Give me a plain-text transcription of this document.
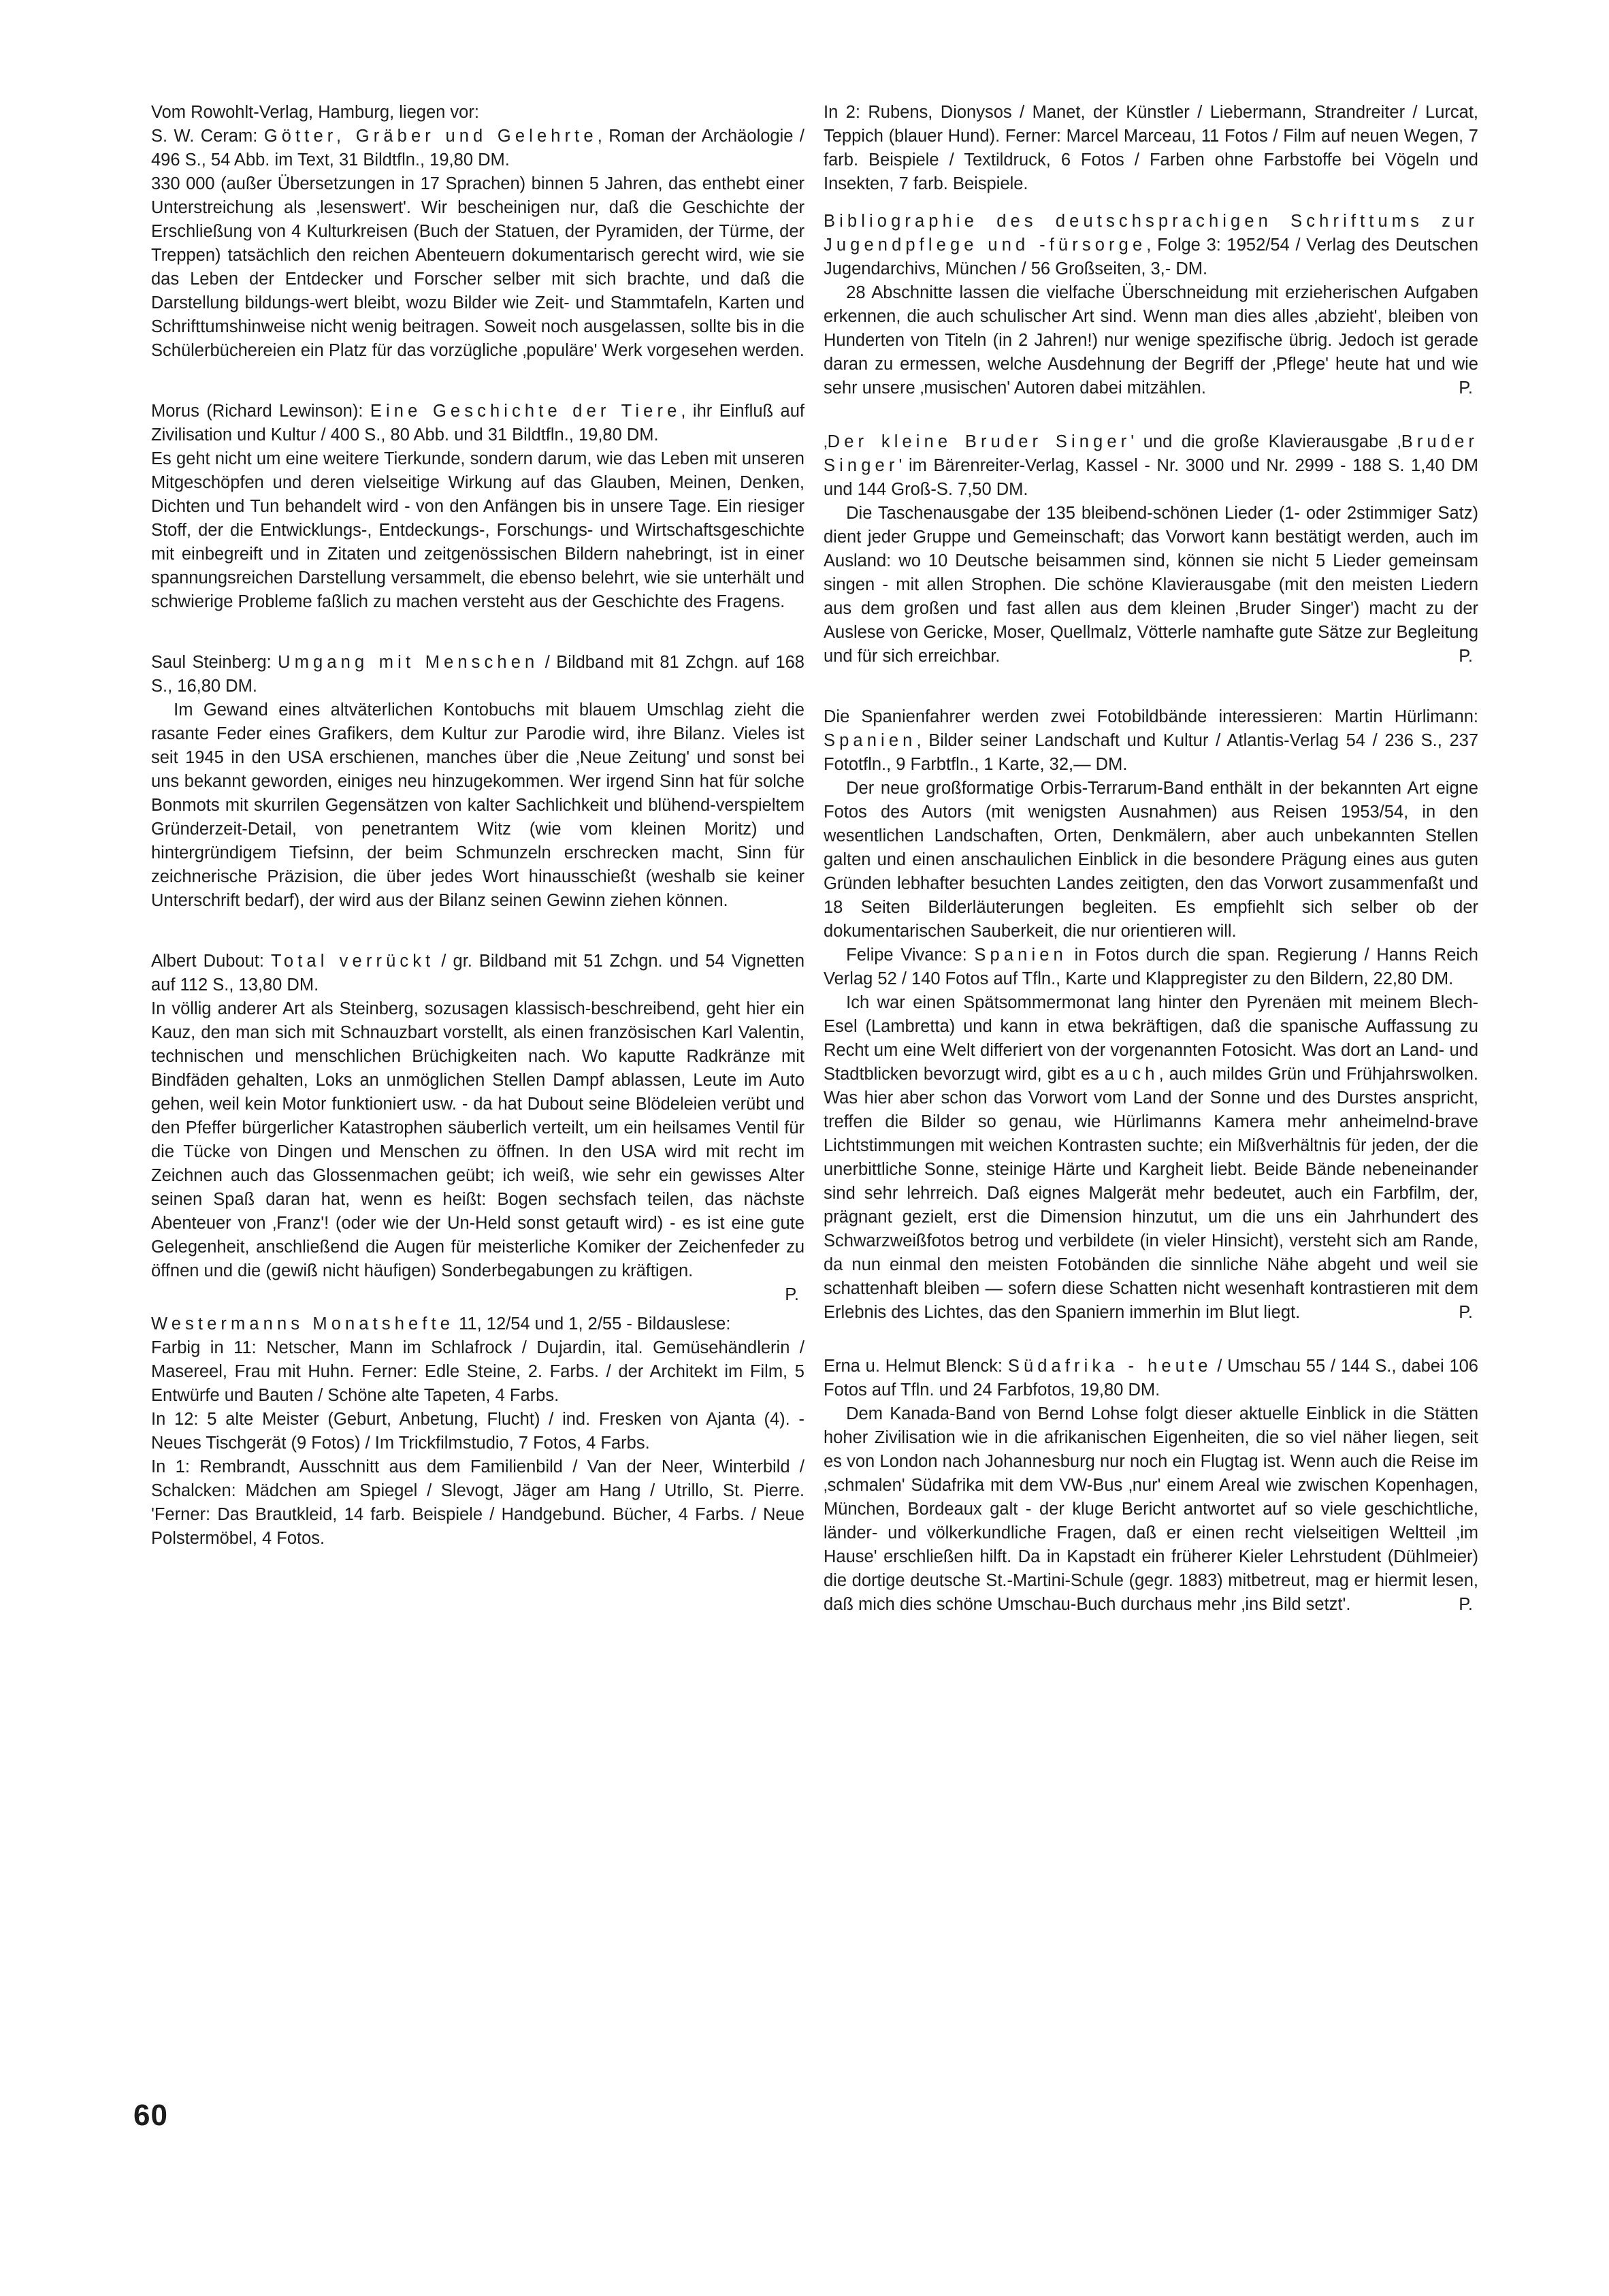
Vom Rowohlt-Verlag, Hamburg, liegen vor:

S. W. Ceram: Götter, Gräber und Gelehrte, Roman der Archäologie / 496 S., 54 Abb. im Text, 31 Bildtfln., 19,80 DM.

330 000 (außer Übersetzungen in 17 Sprachen) binnen 5 Jahren, das enthebt einer Unterstreichung als ‚lesenswert'. Wir bescheinigen nur, daß die Geschichte der Erschließung von 4 Kulturkreisen (Buch der Statuen, der Pyramiden, der Türme, der Treppen) tatsächlich den reichen Abenteuern dokumentarisch gerecht wird, wie sie das Leben der Entdecker und Forscher selber mit sich brachte, und daß die Darstellung bildungs-wert bleibt, wozu Bilder wie Zeit- und Stammtafeln, Karten und Schrifttumshinweise nicht wenig beitragen. Soweit noch ausgelassen, sollte bis in die Schülerbüchereien ein Platz für das vorzügliche ‚populäre' Werk vorgesehen werden.

Morus (Richard Lewinson): Eine Geschichte der Tiere, ihr Einfluß auf Zivilisation und Kultur / 400 S., 80 Abb. und 31 Bildtfln., 19,80 DM.

Es geht nicht um eine weitere Tierkunde, sondern darum, wie das Leben mit unseren Mitgeschöpfen und deren vielseitige Wirkung auf das Glauben, Meinen, Denken, Dichten und Tun behandelt wird - von den Anfängen bis in unsere Tage. Ein riesiger Stoff, der die Entwicklungs-, Entdeckungs-, Forschungs- und Wirtschaftsgeschichte mit einbegreift und in Zitaten und zeitgenössischen Bildern nahebringt, ist in einer spannungsreichen Darstellung versammelt, die ebenso belehrt, wie sie unterhält und schwierige Probleme faßlich zu machen versteht aus der Geschichte des Fragens.

Saul Steinberg: Umgang mit Menschen / Bildband mit 81 Zchgn. auf 168 S., 16,80 DM.

Im Gewand eines altväterlichen Kontobuchs mit blauem Umschlag zieht die rasante Feder eines Grafikers, dem Kultur zur Parodie wird, ihre Bilanz. Vieles ist seit 1945 in den USA erschienen, manches über die ‚Neue Zeitung' und sonst bei uns bekannt geworden, einiges neu hinzugekommen. Wer irgend Sinn hat für solche Bonmots mit skurrilen Gegensätzen von kalter Sachlichkeit und blühend-verspieltem Gründerzeit-Detail, von penetrantem Witz (wie vom kleinen Moritz) und hintergründigem Tiefsinn, der beim Schmunzeln erschrecken macht, Sinn für zeichnerische Präzision, die über jedes Wort hinausschießt (weshalb sie keiner Unterschrift bedarf), der wird aus der Bilanz seinen Gewinn ziehen können.

Albert Dubout: Total verrückt / gr. Bildband mit 51 Zchgn. und 54 Vignetten auf 112 S., 13,80 DM.

In völlig anderer Art als Steinberg, sozusagen klassisch-beschreibend, geht hier ein Kauz, den man sich mit Schnauzbart vorstellt, als einen französischen Karl Valentin, technischen und menschlichen Brüchigkeiten nach. Wo kaputte Radkränze mit Bindfäden gehalten, Loks an unmöglichen Stellen Dampf ablassen, Leute im Auto gehen, weil kein Motor funktioniert usw. - da hat Dubout seine Blödeleien verübt und den Pfeffer bürgerlicher Katastrophen säuberlich verteilt, um ein heilsames Ventil für die Tücke von Dingen und Menschen zu öffnen. In den USA wird mit recht im Zeichnen auch das Glossenmachen geübt; ich weiß, wie sehr ein gewisses Alter seinen Spaß daran hat, wenn es heißt: Bogen sechsfach teilen, das nächste Abenteuer von ‚Franz'! (oder wie der Un-Held sonst getauft wird) - es ist eine gute Gelegenheit, anschließend die Augen für meisterliche Komiker der Zeichenfeder zu öffnen und die (gewiß nicht häufigen) Sonderbegabungen zu kräftigen.

P.

Westermanns Monatshefte 11, 12/54 und 1, 2/55 - Bildauslese:

Farbig in 11: Netscher, Mann im Schlafrock / Dujardin, ital. Gemüsehändlerin / Masereel, Frau mit Huhn. Ferner: Edle Steine, 2. Farbs. / der Architekt im Film, 5 Entwürfe und Bauten / Schöne alte Tapeten, 4 Farbs.

In 12: 5 alte Meister (Geburt, Anbetung, Flucht) / ind. Fresken von Ajanta (4). - Neues Tischgerät (9 Fotos) / Im Trickfilmstudio, 7 Fotos, 4 Farbs.

In 1: Rembrandt, Ausschnitt aus dem Familienbild / Van der Neer, Winterbild / Schalcken: Mädchen am Spiegel / Slevogt, Jäger am Hang / Utrillo, St. Pierre. 'Ferner: Das Brautkleid, 14 farb. Beispiele / Handgebund. Bücher, 4 Farbs. / Neue Polstermöbel, 4 Fotos.

In 2: Rubens, Dionysos / Manet, der Künstler / Liebermann, Strandreiter / Lurcat, Teppich (blauer Hund). Ferner: Marcel Marceau, 11 Fotos / Film auf neuen Wegen, 7 farb. Beispiele / Textildruck, 6 Fotos / Farben ohne Farbstoffe bei Vögeln und Insekten, 7 farb. Beispiele.

Bibliographie des deutschsprachigen Schrifttums zur Jugendpflege und -fürsorge, Folge 3: 1952/54 / Verlag des Deutschen Jugendarchivs, München / 56 Großseiten, 3,- DM.

28 Abschnitte lassen die vielfache Überschneidung mit erzieherischen Aufgaben erkennen, die auch schulischer Art sind. Wenn man dies alles ‚abzieht', bleiben von Hunderten von Titeln (in 2 Jahren!) nur wenige spezifische übrig. Jedoch ist gerade daran zu ermessen, welche Ausdehnung der Begriff der ‚Pflege' heute hat und wie sehr unsere ‚musischen' Autoren dabei mitzählen.	P.

‚Der kleine Bruder Singer' und die große Klavierausgabe ‚Bruder Singer' im Bärenreiter-Verlag, Kassel - Nr. 3000 und Nr. 2999 - 188 S. 1,40 DM und 144 Groß-S. 7,50 DM.

Die Taschenausgabe der 135 bleibend-schönen Lieder (1- oder 2stimmiger Satz) dient jeder Gruppe und Gemeinschaft; das Vorwort kann bestätigt werden, auch im Ausland: wo 10 Deutsche beisammen sind, können sie nicht 5 Lieder gemeinsam singen - mit allen Strophen. Die schöne Klavierausgabe (mit den meisten Liedern aus dem großen und fast allen aus dem kleinen ‚Bruder Singer') macht zu der Auslese von Gericke, Moser, Quellmalz, Vötterle namhafte gute Sätze zur Begleitung und für sich erreichbar.	P.

Die Spanienfahrer werden zwei Fotobildbände interessieren: Martin Hürlimann: Spanien, Bilder seiner Landschaft und Kultur / Atlantis-Verlag 54 / 236 S., 237 Fototfln., 9 Farbtfln., 1 Karte, 32,— DM.

Der neue großformatige Orbis-Terrarum-Band enthält in der bekannten Art eigne Fotos des Autors (mit wenigsten Ausnahmen) aus Reisen 1953/54, in den wesentlichen Landschaften, Orten, Denkmälern, aber auch unbekannten Stellen galten und einen anschaulichen Einblick in die besondere Prägung eines aus guten Gründen lebhafter besuchten Landes zeitigten, den das Vorwort zusammenfaßt und 18 Seiten Bilderläuterungen begleiten. Es empfiehlt sich selber ob der dokumentarischen Sauberkeit, die nur orientieren will.

Felipe Vivance: Spanien in Fotos durch die span. Regierung / Hanns Reich Verlag 52 / 140 Fotos auf Tfln., Karte und Klappregister zu den Bildern, 22,80 DM.

Ich war einen Spätsommermonat lang hinter den Pyrenäen mit meinem Blech-Esel (Lambretta) und kann in etwa bekräftigen, daß die spanische Auffassung zu Recht um eine Welt differiert von der vorgenannten Fotosicht. Was dort an Land- und Stadtblicken bevorzugt wird, gibt es auch, auch mildes Grün und Frühjahrswolken. Was hier aber schon das Vorwort vom Land der Sonne und des Durstes anspricht, treffen die Bilder so genau, wie Hürlimanns Kamera mehr anheimelnd-brave Lichtstimmungen mit weichen Kontrasten suchte; ein Mißverhältnis für jeden, der die unerbittliche Sonne, steinige Härte und Kargheit liebt. Beide Bände nebeneinander sind sehr lehrreich. Daß eignes Malgerät mehr bedeutet, auch ein Farbfilm, der, prägnant gezielt, erst die Dimension hinzutut, um die uns ein Jahrhundert des Schwarzweißfotos betrog und verbildete (in vieler Hinsicht), versteht sich am Rande, da nun einmal den meisten Fotobänden die sinnliche Nähe abgeht und weil sie schattenhaft bleiben — sofern diese Schatten nicht wesenhaft kontrastieren mit dem Erlebnis des Lichtes, das den Spaniern immerhin im Blut liegt.	P.

Erna u. Helmut Blenck: Südafrika - heute / Umschau 55 / 144 S., dabei 106 Fotos auf Tfln. und 24 Farbfotos, 19,80 DM.

Dem Kanada-Band von Bernd Lohse folgt dieser aktuelle Einblick in die Stätten hoher Zivilisation wie in die afrikanischen Eigenheiten, die so viel näher liegen, seit es von London nach Johannesburg nur noch ein Flugtag ist. Wenn auch die Reise im ‚schmalen' Südafrika mit dem VW-Bus ‚nur' einem Areal wie zwischen Kopenhagen, München, Bordeaux galt - der kluge Bericht antwortet auf so viele geschichtliche, länder- und völkerkundliche Fragen, daß er einen recht vielseitigen Weltteil ‚im Hause' erschließen hilft. Da in Kapstadt ein früherer Kieler Lehrstudent (Dühlmeier) die dortige deutsche St.-Martini-Schule (gegr. 1883) mitbetreut, mag er hiermit lesen, daß mich dies schöne Umschau-Buch durchaus mehr ‚ins Bild setzt'.	P.

60
